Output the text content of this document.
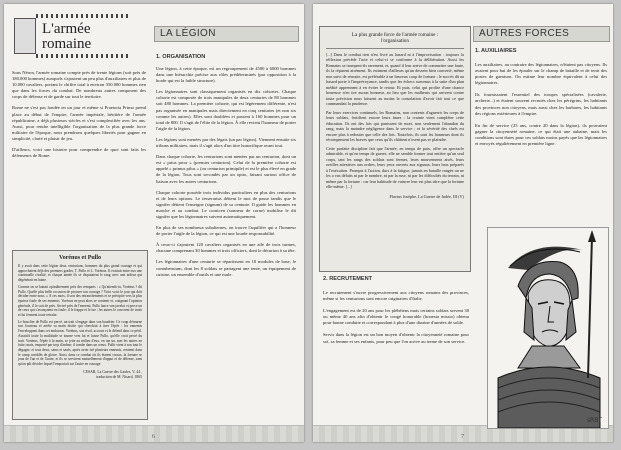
L'armée romaine

Sous Néron, l'armée romaine compte près de trente légions (soit près de 180.000 hommes) auxquels s'ajoutent un peu plus d'auxiliaires et plus de 10.000 cavaliers, portant le chiffre total à environ 350.000 hommes rien que dans les forces du combat. De nombreux autres composent des corps de défense et de garde sur tout le territoire.

Rome ne s'est pas fondée en un jour et même si Praetoria Primo prend place au début de l'empire, l'armée impériale, héritière de l'armée républicaine, a déjà plusieurs siècles et s'est complexifiée avec les ans. Aussi, pour rendre intelligible l'organisation de la plus grande force militaire de l'époque, nous prendrons quelques libertés pour gagner en simplicité, clarté et plaisir de jeu.

D'ailleurs, voici une histoire pour comprendre de quoi sont faits les défenseurs de Rome.

Vorénus et Pullo

Il y avait dans cette légion deux centurions, hommes du plus grand courage et qui approchaient déjà des premiers grades, T. Pullo et L. Vorénus. Il existait entre eux une continuelle rivalité, et chaque année ils se disputaient le rang avec une ardeur qui dégénérait en haine.

Comme on se battait opiniâtrement près des remparts : « Qu'attends-tu, Vorénus ? dit Pullo. Quelle plus belle occasion de prouver ton courage ? Voici voici le jour qui doit décider entre nous. » A ces mots, il sort des retranchements et se précipite vers la plus épaisse foule de ses ennemis. Vorénus ne peut alors se contenir et, craignant l'opinion générale, il le suit de près. Arrivé près de l'ennemi, Pullo lance son javelot et perce un de ceux qui s'avançaient en foule; il le frappe et le tue ; les autres le couvrent de traits et lui ferment toute retraite.

Le bouclier de Pullo est percé, un trait s'engage dans son baudrier. Ce coup détourne son fourreau et arrête sa main droite qui cherchait à tirer l'épée : les ennemis l'enveloppent dans cet embarras. Vorénus, son rival, accourt et le défend dans ce péril. Aussitôt toute la multitude se tourne vers lui et laisse Pullo, qu'elle croit percé du trait. Vorénus, l'épée à la main, se jette au milieu d'eux, en tue un, met les autres en fuite; mais, emporté par trop d'ardeur, il tombe dans un creux. Pullo vient à son tour le dégager; et tous deux, sains et saufs, après avoir tué plusieurs ennemis, rentrent dans le camp comblés de gloire. Ainsi, dans ce combat où ils étaient rivaux, la fortune se joua de l'un et de l'autre, et ils se servirent mutuellement d'appui et de défense, sans qu'on pût décider lequel l'emportait sur l'autre en courage.

CESAR, La Guerre des Gaules, V, 44 ,
traduction de M. Nisard, 1865
LA LÉGION

1. ORGANISATION

Une légion, à cette époque, est un regroupement de 4500 à 6000 hommes dans une hiérarchie précise aux rôles prédéterminés (par opposition à la horde qui est la faible structure).

Les légionnaires sont classiquement organisés en dix cohortes. Chaque cohorte est composée de trois manipules de deux centuries de 80 hommes soit 480 hommes. La première cohorte, qui est légèrement différente, n'est pas organisée en manipules mais directement en cinq centuries (et non six comme les autres). Elles sont doublées et passent à 160 hommes pour un total de 800. Il s'agit de l'élite de la légion. À elle revient l'honneur de porter l'aigle de la légion.

Les légions sont menées par des légats (un par légion). Viennent ensuite six tribuns militaires, mais il s'agit alors d'un titre honorifique avant tout.

Dans chaque cohorte, les centurions sont menées par un centurion, dont un est « prius prior » (premier centurion). Celui de la première cohorte est appelé « primus pilus » (ou centurion primipile) et est le plus élevé en grade de la légion. Tous sont secondés par un optio, faisant surtout office de liaison avec les autres centurions.

Chaque cohorte possède trois individus particuliers en plus des centurions et de leurs options. Le tesserarius détient le mot de passe tandis que le signifer détient l'enseigne (signum) de sa centurie. Il guide les hommes en marche et au combat. Le cornicen (sonneur de corne) mobilise le dit signifer que les légionnaires suivent automatiquement.

En plus de ses nombreux subalternes, on trouve l'aquilifer qui a l'honneur de porter l'aigle de la légion, ce qui est une lourde responsabilité.

À ceux-ci s'ajoutent 120 cavaliers organisés en une aile de trois turmes, chacune comprenant 30 hommes et trois officiers, dont le décurion à sa tête.

Les légionnaires d'une centurie se répartissent en 10 modules de base, le contubernium, dont les 8 soldats se partagent une tente, un équipement de cuisine, un ensemble d'outils et une mule.

6
La plus grande force de l'armée romaine :
l'organisation

[...] Dans le combat rien n'est livré au hasard ni à l'improvisation : toujours la réflexion précède l'acte et celui-ci se conforme à la délibération. Aussi les Romains se trompent-ils rarement, et, quand il leur arrive de commettre une faute, ils la réparent aisément. Ils estiment d'ailleurs qu'un dessein bien concerté, même non suivi de réussite, est préférable à un heureux coup de fortune ; le succès dû au hasard porte à l'imprévoyance, tandis que les échecs survenus à la suite d'un plan médité apprennent à en éviter le retour. Et puis, celui qui profite d'une chance heureuse n'en tire aucun honneur, au lieu que les malheurs qui arrivent contre toute prévision nous laissent au moins la consolation d'avoir fait tout ce que commandait la prudence.

Par leurs exercices continuels, les Romains, non contents d'aguerrir les corps de leurs soldats, fortifient encore leurs âmes : la crainte vient compléter cette éducation. Ils ont des lois qui punissent de mort, non seulement l'abandon du rang, mais la moindre négligence dans le service ; et la sévérité des chefs est encore plus à redouter que celle des lois. Toutefois, ils sont les honneurs dont ils récompensent les braves que ceux qu'ils châtient n'osent pas se plaindre.

Cette parfaite discipline fait que l'armée, en temps de paix, offre un spectacle admirable, et qu'en temps de guerre, elle ne semble former tout entière qu'un seul corps, tant les rangs des soldats sont fermes, leurs mouvements aisés, leurs oreilles attentives aux ordres, leurs yeux ouverts aux signaux, leurs bras préparés à l'exécution. Prompts à l'action, durs à la fatigue, jamais en bataille rangée on ne les a vus défaits ni par le nombre, ni par la ruse, ni par les difficultés du terrain, ni même par la fortune : car leur habitude de vaincre leur est plus sûre que la fortune elle-même. [...]

Flavius Josèphe, La Guerre de Judée, III (V)

2. RECRUTEMENT

Le recrutement s'ouvre progressivement aux citoyens romains des provinces, même si les centurions sont encore originaires d'Italie.

L'engagement est de 20 ans pour les plébéiens mais certains soldats servent 30 ou même 40 ans afin d'obtenir le congé honorable (honesta missio) obtenu pour bonne conduite et correspondant à plus d'une dizaine d'années de solde.

Servir dans la légion est un bon moyen d'obtenir la citoyenneté romaine pour soi, sa femme et ses enfants, pour peu que l'on arrive au terme de son service.

AUTRES FORCES

1. AUXILIAIRES

Les auxiliaires, au contraire des légionnaires, n'étaient pas citoyens. Ils avaient pour but de les épauler sur le champ de bataille et de tenir des postes de garnison. On estime leur nombre équivalent à celui des légionnaires.

Ils fournissaient l'essentiel des troupes spécialisées (cavalerie, archerie...) et étaient souvent recrutés chez les pérégrins, les habitants des provinces non citoyens, mais aussi chez les barbares, les habitants des régions extérieures à l'empire.

En fin de service (25 ans, contre 20 dans la légion), ils pouvaient gagner la citoyenneté romaine, ce qui était une aubaine, mais les conditions sont dures pour ces soldats moins payés que les légionnaires et envoyés régulièrement en première ligne.

7
sRBT
